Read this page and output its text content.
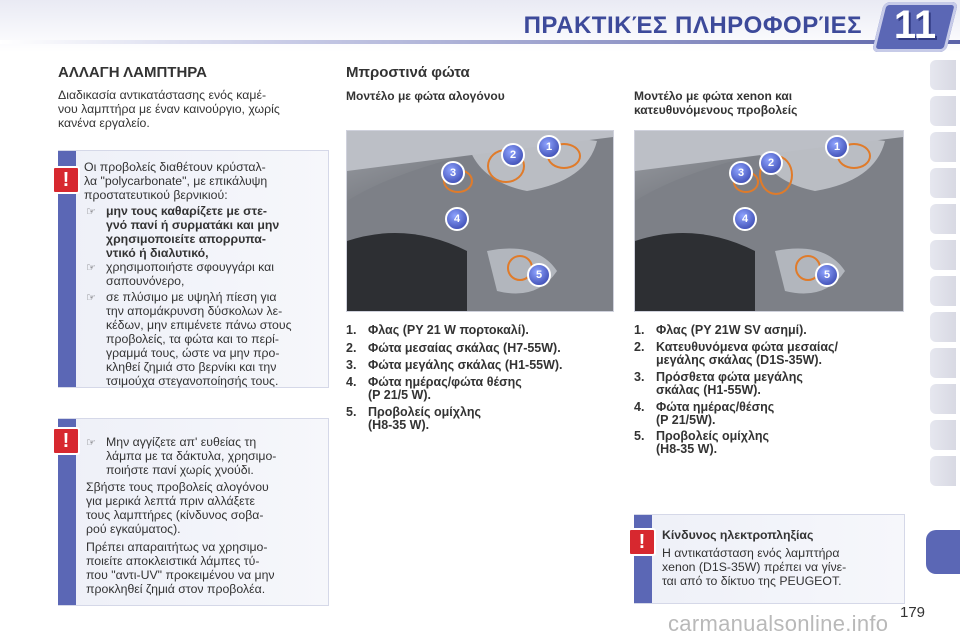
ΠΡΑΚΤΙΚΈΣ ΠΛΗΡΟΦΟΡΊΕΣ 11
ΑΛΛΑΓΗ ΛΑΜΠΤΗΡΑ

Διαδικασία αντικατάστασης ενός καμέ-

νου λαμπτήρα με έναν καινούργιο, χωρίς

κανένα εργαλείο.

!
Οι προβολείς διαθέτουν κρύσταλ-
λα "polycarbonate", με επικάλυψη
προστατευτικού βερνικιού:
☞ μην τους καθαρίζετε με στε-
γνό πανί ή συρματάκι και μην
χρησιμοποιείτε απορρυπα-
ντικό ή διαλυτικό,
☞ χρησιμοποιήστε σφουγγάρι και
σαπουνόνερο,
☞ σε πλύσιμο με υψηλή πίεση για
την απομάκρυνση δύσκολων λε-
κέδων, μην επιμένετε πάνω στους
προβολείς, τα φώτα και το περί-
γραμμά τους, ώστε να μην προ-
κληθεί ζημιά στο βερνίκι και την
τσιμούχα στεγανοποίησής τους.
!	☞ Μην αγγίζετε απ' ευθείας τη
λάμπα με τα δάκτυλα, χρησιμο-
ποιήστε πανί χωρίς χνούδι.
Σβήστε τους προβολείς αλογόνου
για μερικά λεπτά πριν αλλάξετε
τους λαμπτήρες (κίνδυνος σοβα-
ρού εγκαύματος).
Πρέπει απαραιτήτως να χρησιμο-
ποιείτε αποκλειστικά λάμπες τύ-
που "αντι-UV" προκειμένου να μην
προκληθεί ζημιά στον προβολέα.
Μπροστινά φώτα
Μοντέλο με φώτα αλογόνου
1
2
3
4
5
1. Φλας (PY 21 W πορτοκαλί).
2. Φώτα μεσαίας σκάλας (H7-55W).
3. Φώτα μεγάλης σκάλας (H1-55W).
4. Φώτα ημέρας/φώτα θέσης
(P 21/5 W).
5. Προβολείς ομίχλης
(H8-35 W).
Μοντέλο με φώτα xenon και
κατευθυνόμενους προβολείς
1
2
3
4
5
1. Φλας (PY 21W SV ασημί).
2. Κατευθυνόμενα φώτα μεσαίας/
μεγάλης σκάλας (D1S-35W).
3. Πρόσθετα φώτα μεγάλης
σκάλας (H1-55W).
4. Φώτα ημέρας/θέσης
(P 21/5W).
5. Προβολείς ομίχλης
(H8-35 W).
!	Κίνδυνος ηλεκτροπληξίας
Η αντικατάσταση ενός λαμπτήρα
xenon (D1S-35W) πρέπει να γίνε-
ται από το δίκτυο της PEUGEOT.
179
carmanualsonline.info
